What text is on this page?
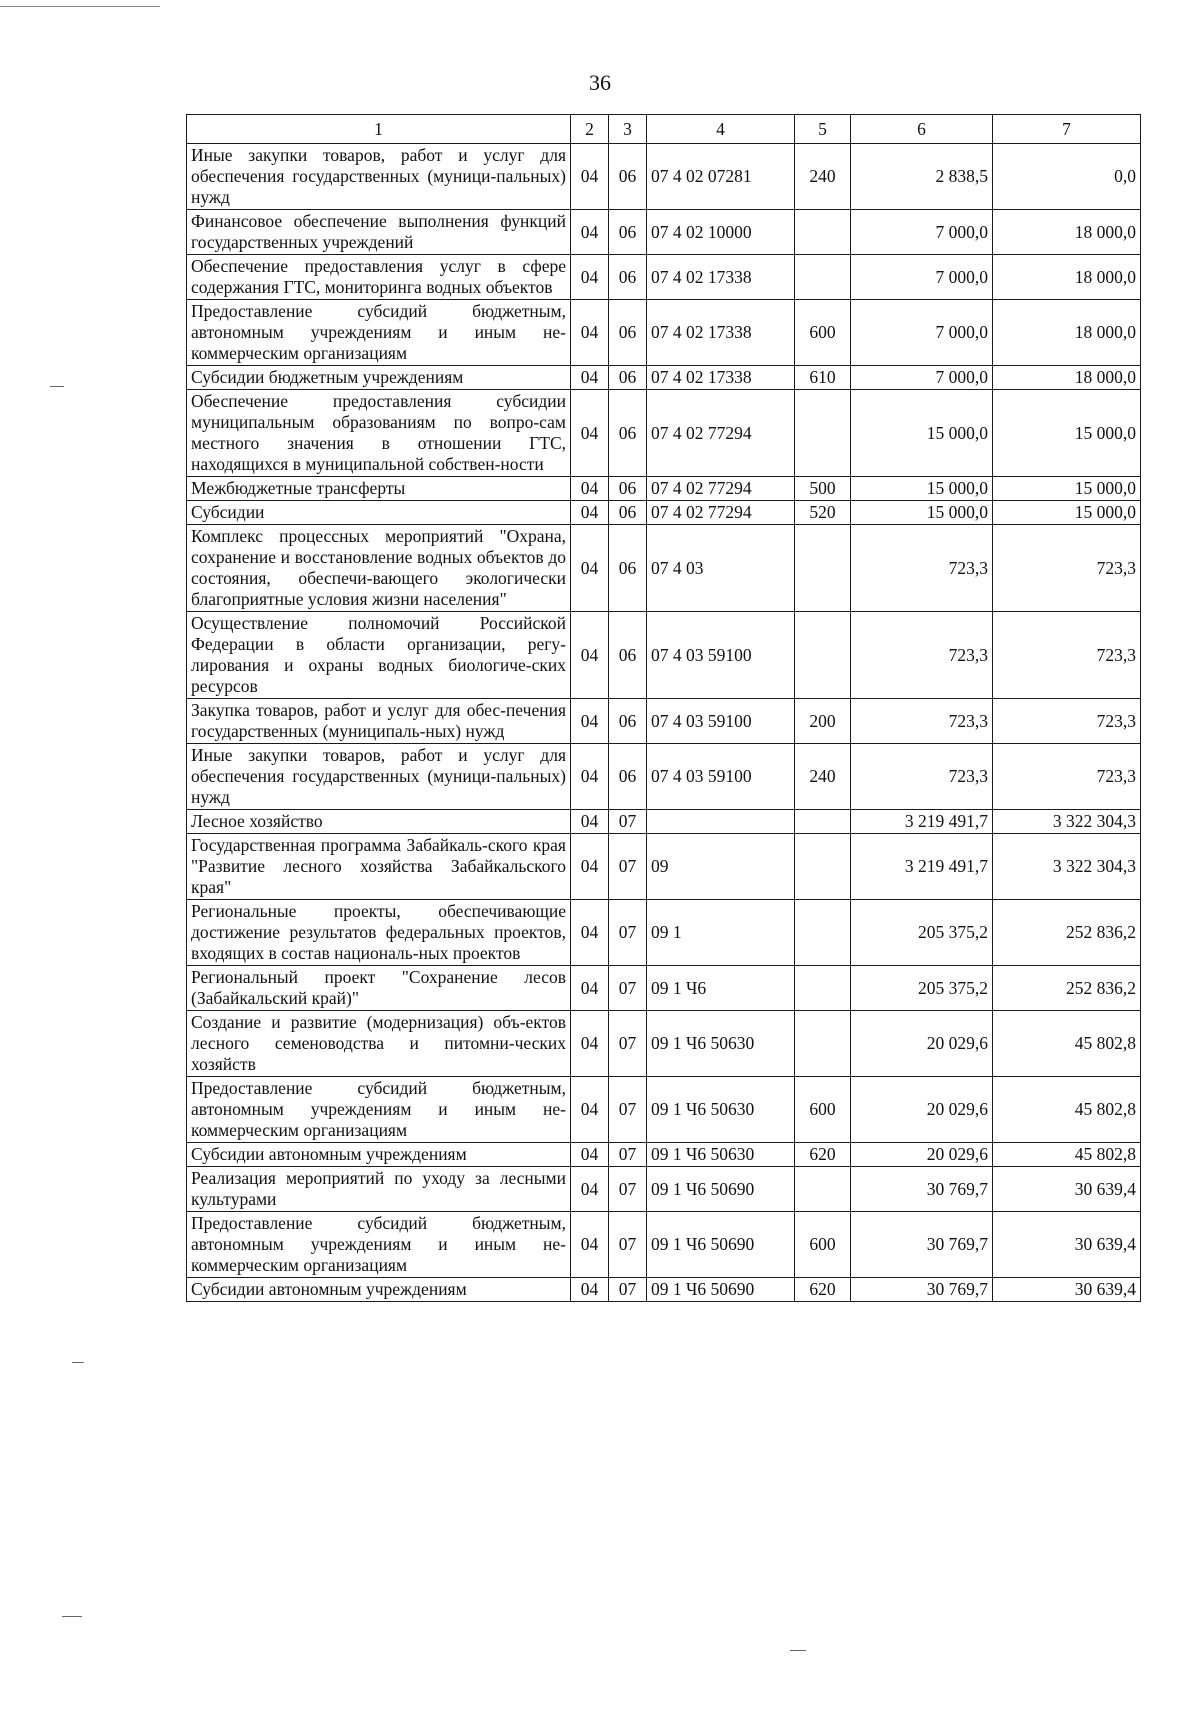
36
1	2	3	4	5	6	7
Иные закупки товаров, работ и услуг для обеспечения государственных (муници-пальных) нужд	04	06	07 4 02 07281	240	2 838,5	0,0
Финансовое обеспечение выполнения функций государственных учреждений	04	06	07 4 02 10000		7 000,0	18 000,0
Обеспечение предоставления услуг в сфере содержания ГТС, мониторинга водных объектов	04	06	07 4 02 17338		7 000,0	18 000,0
Предоставление субсидий бюджетным, автономным учреждениям и иным не-коммерческим организациям	04	06	07 4 02 17338	600	7 000,0	18 000,0
Субсидии бюджетным учреждениям	04	06	07 4 02 17338	610	7 000,0	18 000,0
Обеспечение предоставления субсидии муниципальным образованиям по вопро-сам местного значения в отношении ГТС, находящихся в муниципальной собствен-ности	04	06	07 4 02 77294		15 000,0	15 000,0
Межбюджетные трансферты	04	06	07 4 02 77294	500	15 000,0	15 000,0
Субсидии	04	06	07 4 02 77294	520	15 000,0	15 000,0
Комплекс процессных мероприятий "Охрана, сохранение и восстановление водных объектов до состояния, обеспечи-вающего экологически благоприятные условия жизни населения"	04	06	07 4 03		723,3	723,3
Осуществление полномочий Российской Федерации в области организации, регу-лирования и охраны водных биологиче-ских ресурсов	04	06	07 4 03 59100		723,3	723,3
Закупка товаров, работ и услуг для обес-печения государственных (муниципаль-ных) нужд	04	06	07 4 03 59100	200	723,3	723,3
Иные закупки товаров, работ и услуг для обеспечения государственных (муници-пальных) нужд	04	06	07 4 03 59100	240	723,3	723,3
Лесное хозяйство	04	07			3 219 491,7	3 322 304,3
Государственная программа Забайкаль-ского края "Развитие лесного хозяйства Забайкальского края"	04	07	09		3 219 491,7	3 322 304,3
Региональные проекты, обеспечивающие достижение результатов федеральных проектов, входящих в состав националь-ных проектов	04	07	09 1		205 375,2	252 836,2
Региональный проект "Сохранение лесов (Забайкальский край)"	04	07	09 1 Ч6		205 375,2	252 836,2
Создание и развитие (модернизация) объ-ектов лесного семеноводства и питомни-ческих хозяйств	04	07	09 1 Ч6 50630		20 029,6	45 802,8
Предоставление субсидий бюджетным, автономным учреждениям и иным не-коммерческим организациям	04	07	09 1 Ч6 50630	600	20 029,6	45 802,8
Субсидии автономным учреждениям	04	07	09 1 Ч6 50630	620	20 029,6	45 802,8
Реализация мероприятий по уходу за лесными культурами	04	07	09 1 Ч6 50690		30 769,7	30 639,4
Предоставление субсидий бюджетным, автономным учреждениям и иным не-коммерческим организациям	04	07	09 1 Ч6 50690	600	30 769,7	30 639,4
Субсидии автономным учреждениям	04	07	09 1 Ч6 50690	620	30 769,7	30 639,4
